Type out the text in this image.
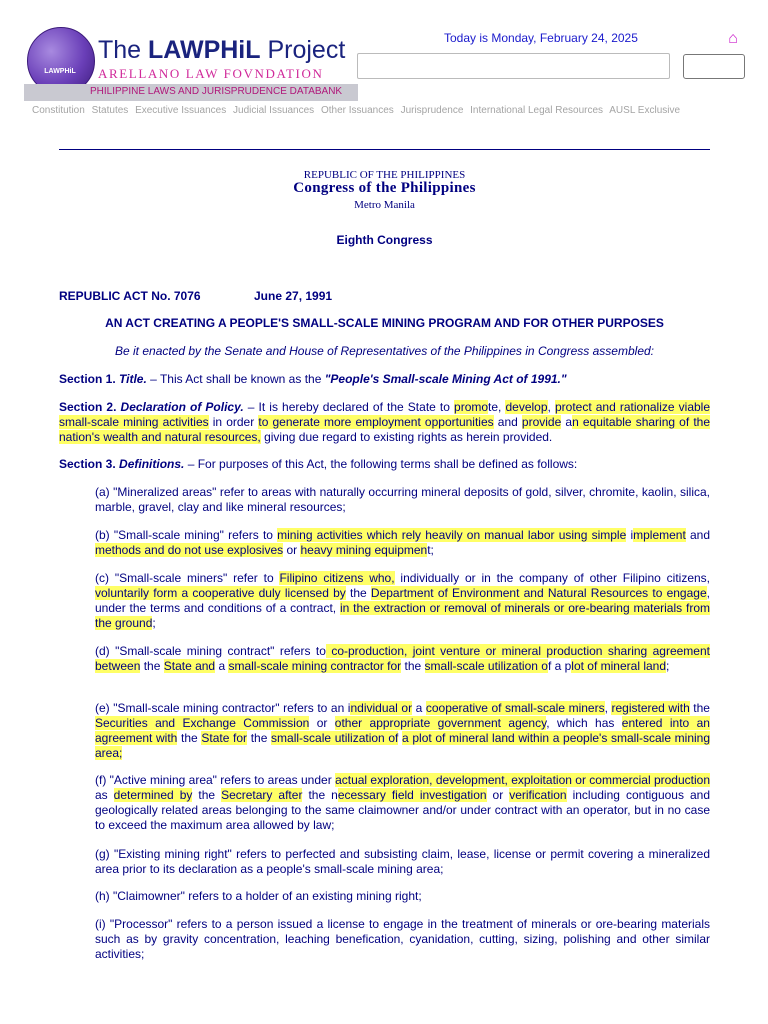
LAWPHiL
The LAWPHiL Project
ARELLANO LAW FOVNDATION
PHILIPPINE LAWS AND JURISPRUDENCE DATABANK
Today is Monday, February 24, 2025	⌂
Constitution Statutes Executive Issuances Judicial Issuances Other Issuances Jurisprudence International Legal Resources AUSL Exclusive
REPUBLIC OF THE PHILIPPINES
Congress of the Philippines
Metro Manila
Eighth Congress
REPUBLIC ACT No. 7076	June 27, 1991
AN ACT CREATING A PEOPLE'S SMALL-SCALE MINING PROGRAM AND FOR OTHER PURPOSES
Be it enacted by the Senate and House of Representatives of the Philippines in Congress assembled:
Section 1. Title. – This Act shall be known as the "People's Small-scale Mining Act of 1991."
Section 2. Declaration of Policy. – It is hereby declared of the State to promote, develop, protect and rationalize viable small-scale mining activities in order to generate more employment opportunities and provide an equitable sharing of the nation's wealth and natural resources, giving due regard to existing rights as herein provided.
Section 3. Definitions. – For purposes of this Act, the following terms shall be defined as follows:
(a) "Mineralized areas" refer to areas with naturally occurring mineral deposits of gold, silver, chromite, kaolin, silica, marble, gravel, clay and like mineral resources;
(b) "Small-scale mining" refers to mining activities which rely heavily on manual labor using simple implement and methods and do not use explosives or heavy mining equipment;
(c) "Small-scale miners" refer to Filipino citizens who, individually or in the company of other Filipino citizens, voluntarily form a cooperative duly licensed by the Department of Environment and Natural Resources to engage, under the terms and conditions of a contract, in the extraction or removal of minerals or ore-bearing materials from the ground;
(d) "Small-scale mining contract" refers to co-production, joint venture or mineral production sharing agreement between the State and a small-scale mining contractor for the small-scale utilization of a plot of mineral land;
(e) "Small-scale mining contractor" refers to an individual or a cooperative of small-scale miners, registered with the Securities and Exchange Commission or other appropriate government agency, which has entered into an agreement with the State for the small-scale utilization of a plot of mineral land within a people's small-scale mining area;
(f) "Active mining area" refers to areas under actual exploration, development, exploitation or commercial production as determined by the Secretary after the necessary field investigation or verification including contiguous and geologically related areas belonging to the same claimowner and/or under contract with an operator, but in no case to exceed the maximum area allowed by law;
(g) "Existing mining right" refers to perfected and subsisting claim, lease, license or permit covering a mineralized area prior to its declaration as a people's small-scale mining area;
(h) "Claimowner" refers to a holder of an existing mining right;
(i) "Processor" refers to a person issued a license to engage in the treatment of minerals or ore-bearing materials such as by gravity concentration, leaching benefication, cyanidation, cutting, sizing, polishing and other similar activities;
